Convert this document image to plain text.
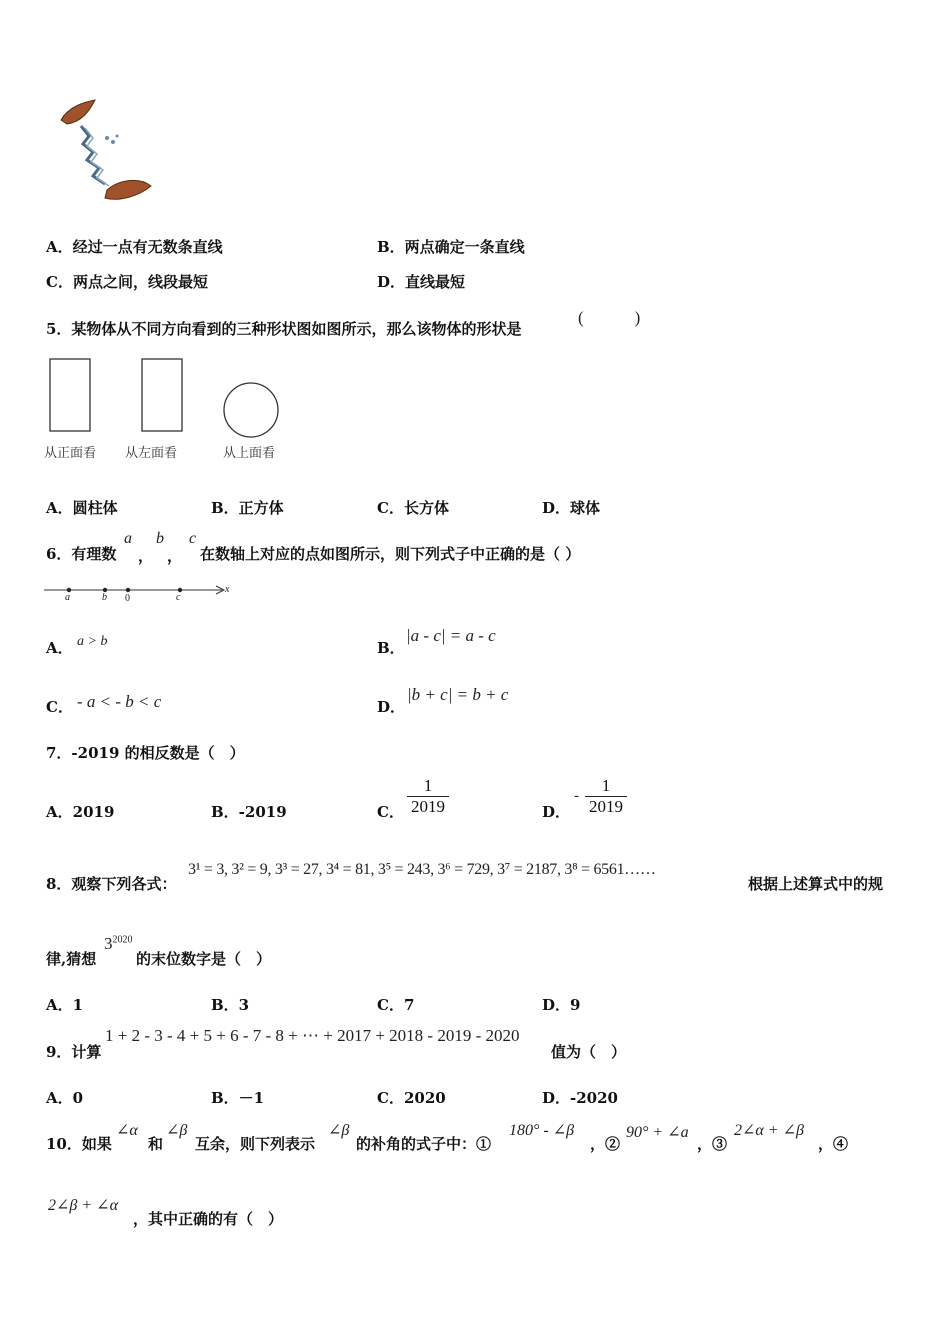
A．经过一点有无数条直线	B．两点确定一条直线
C．两点之间，线段最短	D．直线最短
5．某物体从不同方向看到的三种形状图如图所示，那么该物体的形状是
(　　　)
从正面看 从左面看	从上面看
A．圆柱体	B．正方体	C．长方体	D．球体
6．有理数
a
，
b
，
c
在数轴上对应的点如图所示，则下列式子中正确的是（ ）
a	b 0	c
x
A． a > b	B．
|a - c| = a - c
C． - a < - b < c	D．
|b + c| = b + c
7．-2019 的相反数是（　）
A．2019	B．-2019	C． $\frac{1}{2019}$	D．
- $\frac{1}{2019}$
8．观察下列各式：
3¹ = 3, 3² = 9, 3³ = 27, 3⁴ = 81, 3⁵ = 243, 3⁶ = 729, 3⁷ = 2187, 3⁸ = 6561……
根据上述算式中的规
律,猜想
$3^{2020}$
的末位数字是（　）
A．1	B．3	C．7	D．9
9．计算
1 + 2 - 3 - 4 + 5 + 6 - 7 - 8 + ⋯ + 2017 + 2018 - 2019 - 2020
值为（　）
A．0	B．－1	C．2020	D．-2020
10．如果
∠α
和
∠β
互余，则下列表示
∠β
的补角的式子中：①
180° - ∠β
，②
90° + ∠a
，③
2∠α + ∠β
，④
2∠β + ∠α
，其中正确的有（　）
